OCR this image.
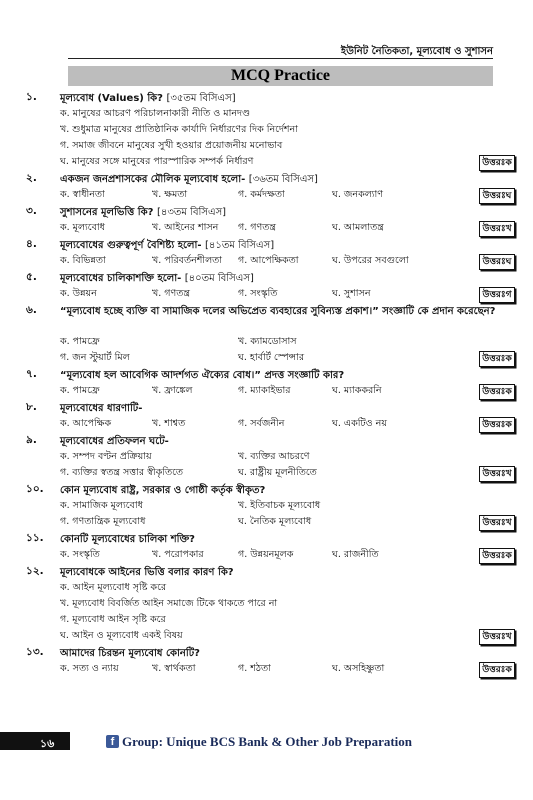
ইউনিট নৈতিকতা, মূল্যবোধ ও সুশাসন
MCQ Practice
১. মূল্যবোধ (Values) কি? [৩৫তম বিসিএস]
ক. মানুষের আচরণ পরিচালনাকারী নীতি ও মানদণ্ড
খ. শুধুমাত্র মানুষের প্রাতিষ্ঠানিক কার্যাদি নির্ধারণের দিক নির্দেশনা
গ. সমাজ জীবনে মানুষের সুখী হওয়ার প্রয়োজনীয় মনোভাব
ঘ. মানুষের সঙ্গে মানুষের পারস্পারিক সম্পর্ক নির্ধারণ	উত্তরঃক
২. একজন জনপ্রশাসকের মৌলিক মূল্যবোধ হলো- [৩৬তম বিসিএস]
ক. স্বাধীনতা	খ. ক্ষমতা	গ. কর্মদক্ষতা	ঘ. জনকল্যাণ	উত্তরঃঘ
৩. সুশাসনের মূলভিত্তি কি? [৪৩তম বিসিএস]
ক. মূল্যবোধ	খ. আইনের শাসন গ. গণতন্ত্র	ঘ. আমলাতন্ত্র	উত্তরঃখ
৪. মূল্যবোধের গুরুত্বপূর্ণ বৈশিষ্ট্য হলো- [৪১তম বিসিএস]
ক. বিভিন্নতা	খ. পরিবর্তনশীলতা গ. আপেক্ষিকতা	ঘ. উপরের সবগুলো	উত্তরঃঘ
৫. মূল্যবোধের চালিকাশক্তি হলো- [৪০তম বিসিএস]
ক. উন্নয়ন	খ. গণতন্ত্র	গ. সংস্কৃতি	ঘ. সুশাসন	উত্তরঃগ
৬. “মূল্যবোধ হচ্ছে ব্যক্তি বা সামাজিক দলের অভিপ্রেত ব্যবহারের সুবিন্যস্ত প্রকাশ।” সংজ্ঞাটি কে প্রদান করেছেন?
ক. পামফ্রে	খ. ক্যামডোসাস
গ. জন স্টুয়ার্ট মিল	ঘ. হার্বার্ট স্পেন্সার	উত্তরঃক
৭. “মূল্যবোধ হল আবেগিক আদর্শগত ঐক্যের বোধ।” প্রদত্ত সংজ্ঞাটি কার?
ক. পামফ্রে	খ. ফ্রাঙ্কেল	গ. ম্যাকাইভার	ঘ. ম্যাককরনি	উত্তরঃক
৮. মূল্যবোধের ধারণাটি-
ক. আপেক্ষিক	খ. শাশ্বত	গ. সর্বজনীন	ঘ. একটিও নয়	উত্তরঃক
৯. মূল্যবোধের প্রতিফলন ঘটে-
ক. সম্পদ বণ্টন প্রক্রিয়ায়	খ. ব্যক্তির আচরণে
গ. ব্যক্তির স্বতন্ত্র সত্তার স্বীকৃতিতে	ঘ. রাষ্ট্রীয় মূলনীতিতে	উত্তরঃখ
১০. কোন মূল্যবোধ রাষ্ট্র, সরকার ও গোষ্ঠী কর্তৃক স্বীকৃত?
ক. সামাজিক মূল্যবোধ	খ. ইতিবাচক মূল্যবোধ
গ. গণতান্ত্রিক মূল্যবোধ	ঘ. নৈতিক মূল্যবোধ	উত্তরঃখ
১১. কোনটি মূল্যবোধের চালিকা শক্তি?
ক. সংস্কৃতি	খ. পরোপকার	গ. উন্নয়নমূলক	ঘ. রাজনীতি	উত্তরঃক
১২. মূল্যবোধকে আইনের ভিত্তি বলার কারণ কি?
ক. আইন মূল্যবোধ সৃষ্টি করে
খ. মূল্যবোধ বিবর্জিত আইন সমাজে টিকে থাকতে পারে না
গ. মূল্যবোধ আইন সৃষ্টি করে
ঘ. আইন ও মূল্যবোধ একই বিষয়	উত্তরঃখ
১৩. আমাদের চিরন্তন মূল্যবোধ কোনটি?
ক. সত্য ও ন্যায়	খ. স্বার্থকতা	গ. শঠতা	ঘ. অসহিষ্ণুতা	উত্তরঃক
১৬	f Group: Unique BCS Bank & Other Job Preparation
